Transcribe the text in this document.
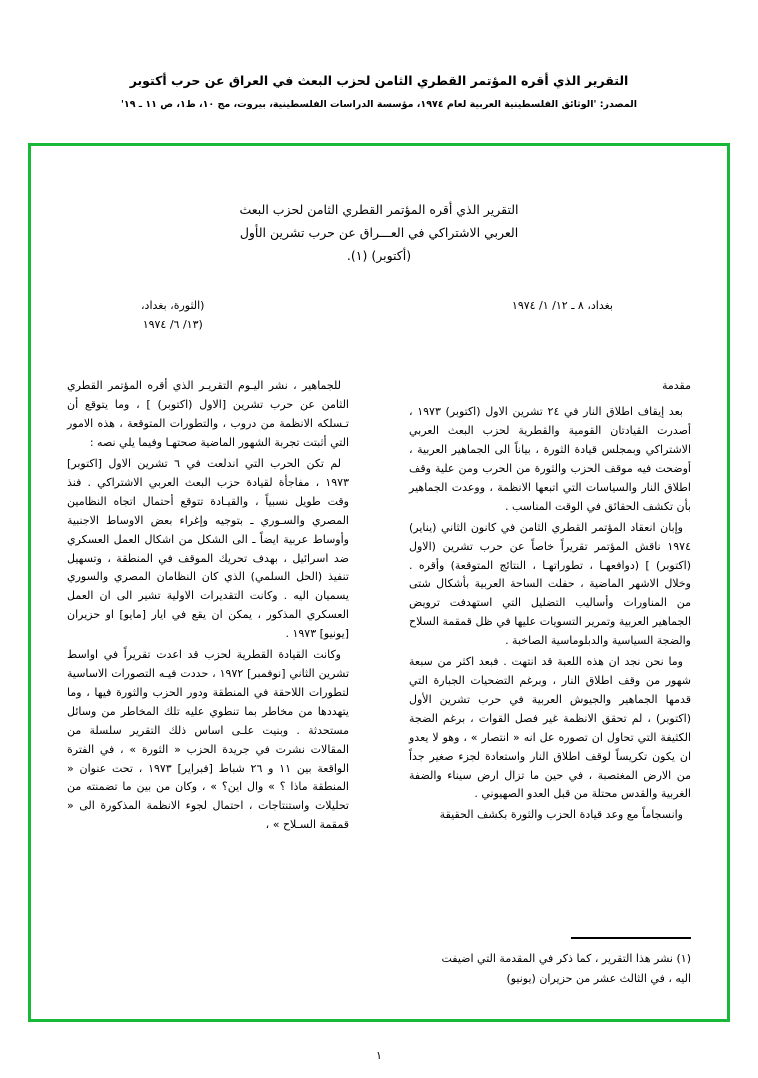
التقرير الذي أقره المؤتمر القطري الثامن لحزب البعث في العراق عن حرب أكتوبر
المصدر: 'الوثائق الفلسطينية العربية لعام ١٩٧٤، مؤسسة الدراسات الفلسطينية، بيروت، مج ١٠، ط١، ص ١١ ـ ١٩'
التقرير الذي أقره المؤتمر القطري الثامن لحزب البعث
العربي الاشتراكي في العـــراق عن حرب تشرين الأول
(أكتوبر) (١).
بغداد، ٨ ـ ١٢/ ١/ ١٩٧٤
(الثورة، بغداد،
(١٣/ ٦/ ١٩٧٤

مقدمة

بعد إيقاف اطلاق النار في ٢٤ تشرين الاول (اكتوبر) ١٩٧٣ ، أصدرت القيادتان القومية والقطرية لحزب البعث العربي الاشتراكي وبمجلس قيادة الثورة ، بياناً الى الجماهير العربية ، أوضحت فيه موقف الحزب والثورة من الحرب ومن علية وقف اطلاق النار والسياسات التي اتبعها الانظمة ، ووعدت الجماهير بأن تكشف الحقائق في الوقت المناسب .

وإبان انعقاد المؤتمر القطري الثامن في كانون الثاني (يناير) ١٩٧٤ ناقش المؤتمر تقريراً خاصاً عن حرب تشرين (الاول (اكتوبر) ] (دوافعهـا ، تطوراتهـا ، النتائج المتوقعة) وأقره . وخلال الاشهر الماضية ، حفلت الساحة العربية بأشكال شتى من المناورات وأساليب التضليل التي استهدفت ترويض الجماهير العربية وتمرير التسويات عليها في ظل قمقمة السلاح والضجة السياسية والدبلوماسية الصاخبة .

وما نحن نجد ان هذه اللعبة قد انتهت . فبعد اكثر من سبعة شهور من وقف اطلاق النار ، وبرغم التضحيات الجبارة التي قدمها الجماهير والجيوش العربية في حرب تشرين الأول (اكتوبر) ، لم تحقق الانظمة غير فصل القوات ، برغم الضجة الكثيفة التي تحاول ان تصوره عل انه « انتصار » ، وهو لا يعدو ان يكون تكريساً لوقف اطلاق النار واستعادة لجزء صغير جداً من الارض المغتصبة ، في حين ما تزال ارض سيناء والضفة الغربية والقدس محتلة من قبل العدو الصهيوني .

وانسجاماً مع وعد قيادة الحزب والثورة بكشف الحقيقة

للجماهير ، نشر اليـوم التقريـر الذي أقره المؤتمر القطري الثامن عن حرب تشرين [الاول (اكتوبر) ] ، وما يتوقع أن تـسلكه الانظمة من دروب ، والتطورات المتوقعة ، هذه الامور التي أثبتت تجربة الشهور الماضية صحتهـا وفيما يلي نصه :

لم تكن الحرب التي اندلعت في ٦ تشرين الاول [اكتوبر] ١٩٧٣ ، مفاجأة لقيادة حزب البعث العربي الاشتراكي . فنذ وقت طويل نسبياً ، والقيـادة تتوقع أحتمال اتجاه النظامين المصري والسـوري ـ بتوجيه وإغراء بعض الاوساط الاجنبية وأوساط عربية ايضاً ـ الى الشكل من اشكال العمل العسكري ضد اسرائيل ، بهدف تحريك الموقف في المنطقة ، وتسهيل تنفيذ (الحل السلمي) الذي كان النظامان المصري والسوري يسميان اليه . وكانت التقديرات الاولية تشير الى ان العمل العسكري المذكور ، يمكن ان يقع في ايار [مايو] او حزيران [يونيو] ١٩٧٣ .

وكانت القيادة القطرية لحزب قد اعدت تقريراً في اواسط تشرين الثاني [نوفمبر] ١٩٧٢ ، حددت فيـه التصورات الاساسية لتطورات اللاحقة في المنطقة ودور الحزب والثورة فيها ، وما يتهددها من مخاطر بما تنطوي عليه تلك المخاطر من وسائل مستحدثة . وبنيت علـى اساس ذلك التقرير سلسلة من المقالات نشرت في جريدة الحزب « الثورة » ، في الفترة الواقعة بين ١١ و ٢٦ شباط [فبراير] ١٩٧٣ ، تحت عنوان « المنطقة ماذا ؟ » وال اين؟ » ، وكان من بين ما تضمنته من تحليلات واستنتاجات ، احتمال لجوء الانظمة المذكورة الى « قمقمة السـلاح » ،

(١) نشر هذا التقرير ، كما ذكر في المقدمة التي اضيفت
اليه ، في الثالث عشر من حزيران (يونيو)
١
